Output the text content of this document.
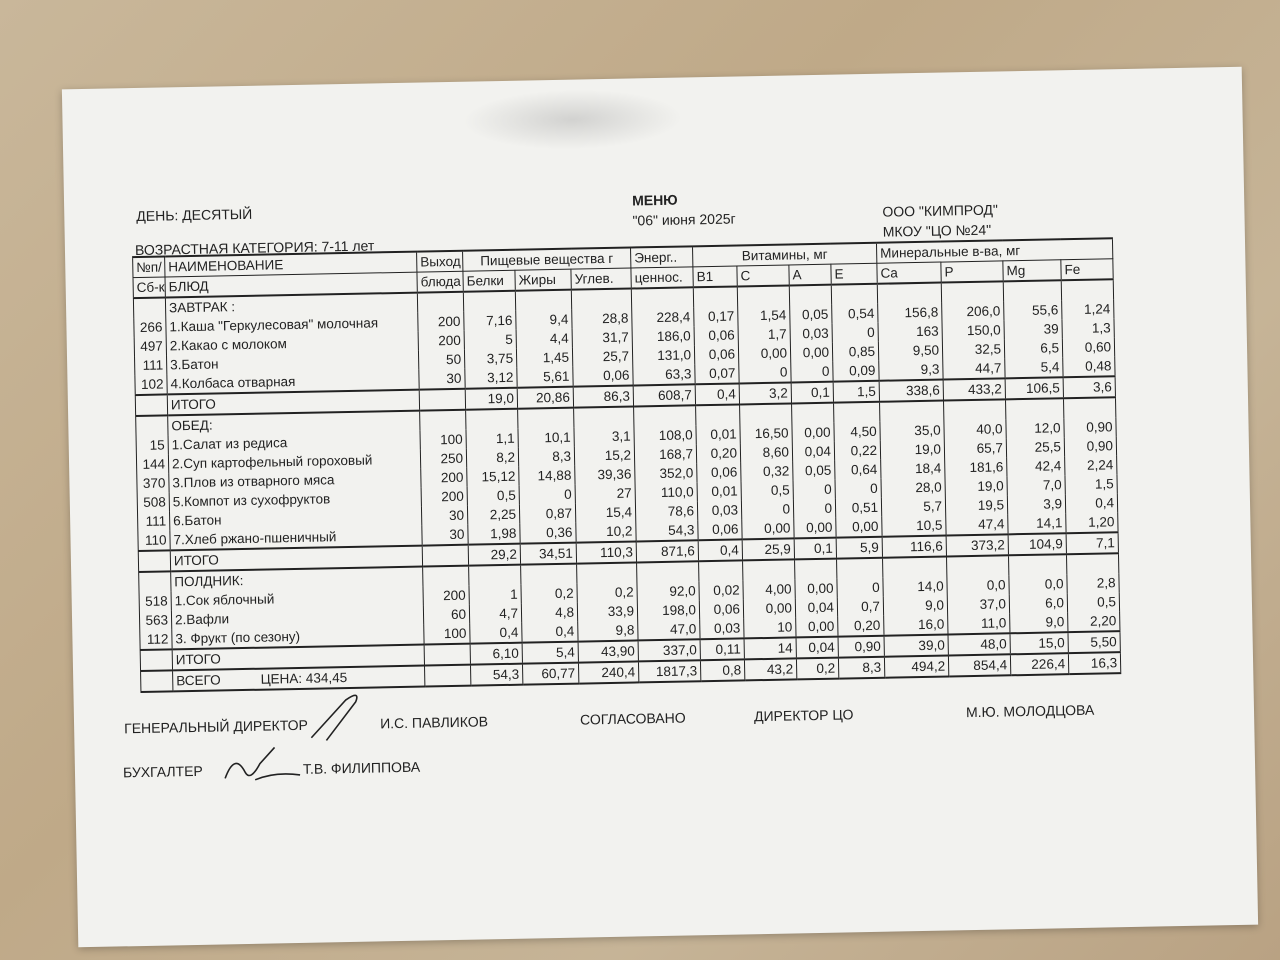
ДЕНЬ: ДЕСЯТЫЙ
МЕНЮ
"06" июня 2025г	ООО "КИМПРОД"
МКОУ "ЦО №24"
ВОЗРАСТНАЯ КАТЕГОРИЯ: 7-11 лет
№п/	НАИМЕНОВАНИЕ	Выход	Пищевые вещества г			Энерг..	Витамины, мг				Минеральные в-ва, мг			
Сб-к	БЛЮД	блюда	Белки	Жиры	Углев.	ценнос.	B1	C	A	E	Ca	P	Mg	Fe
	ЗАВТРАК :													
266	1.Каша "Геркулесовая" молочная	200	7,16	9,4	28,8	228,4	0,17	1,54	0,05	0,54	156,8	206,0	55,6	1,24
497	2.Какао с молоком	200	5	4,4	31,7	186,0	0,06	1,7	0,03	0	163	150,0	39	1,3
111	3.Батон	50	3,75	1,45	25,7	131,0	0,06	0,00	0,00	0,85	9,50	32,5	6,5	0,60
102	4.Колбаса отварная	30	3,12	5,61	0,06	63,3	0,07	0	0	0,09	9,3	44,7	5,4	0,48
	ИТОГО		19,0	20,86	86,3	608,7	0,4	3,2	0,1	1,5	338,6	433,2	106,5	3,6
	ОБЕД:													
15	1.Салат из редиса	100	1,1	10,1	3,1	108,0	0,01	16,50	0,00	4,50	35,0	40,0	12,0	0,90
144	2.Суп картофельный гороховый	250	8,2	8,3	15,2	168,7	0,20	8,60	0,04	0,22	19,0	65,7	25,5	0,90
370	3.Плов из отварного мяса	200	15,12	14,88	39,36	352,0	0,06	0,32	0,05	0,64	18,4	181,6	42,4	2,24
508	5.Компот из сухофруктов	200	0,5	0	27	110,0	0,01	0,5	0	0	28,0	19,0	7,0	1,5
111	6.Батон	30	2,25	0,87	15,4	78,6	0,03	0	0	0,51	5,7	19,5	3,9	0,4
110	7.Хлеб ржано-пшеничный	30	1,98	0,36	10,2	54,3	0,06	0,00	0,00	0,00	10,5	47,4	14,1	1,20
	ИТОГО		29,2	34,51	110,3	871,6	0,4	25,9	0,1	5,9	116,6	373,2	104,9	7,1
	ПОЛДНИК:													
518	1.Сок яблочный	200	1	0,2	0,2	92,0	0,02	4,00	0,00	0	14,0	0,0	0,0	2,8
563	2.Вафли	60	4,7	4,8	33,9	198,0	0,06	0,00	0,04	0,7	9,0	37,0	6,0	0,5
112	3. Фрукт (по сезону)	100	0,4	0,4	9,8	47,0	0,03	10	0,00	0,20	16,0	11,0	9,0	2,20
	ИТОГО		6,10	5,4	43,90	337,0	0,11	14	0,04	0,90	39,0	48,0	15,0	5,50
	ВСЕГО ЦЕНА: 434,45		54,3	60,77	240,4	1817,3	0,8	43,2	0,2	8,3	494,2	854,4	226,4	16,3
ГЕНЕРАЛЬНЫЙ ДИРЕКТОР	И.С. ПАВЛИКОВ	СОГЛАСОВАНО	ДИРЕКТОР ЦО	М.Ю. МОЛОДЦОВА
БУХГАЛТЕР	Т.В. ФИЛИППОВА
